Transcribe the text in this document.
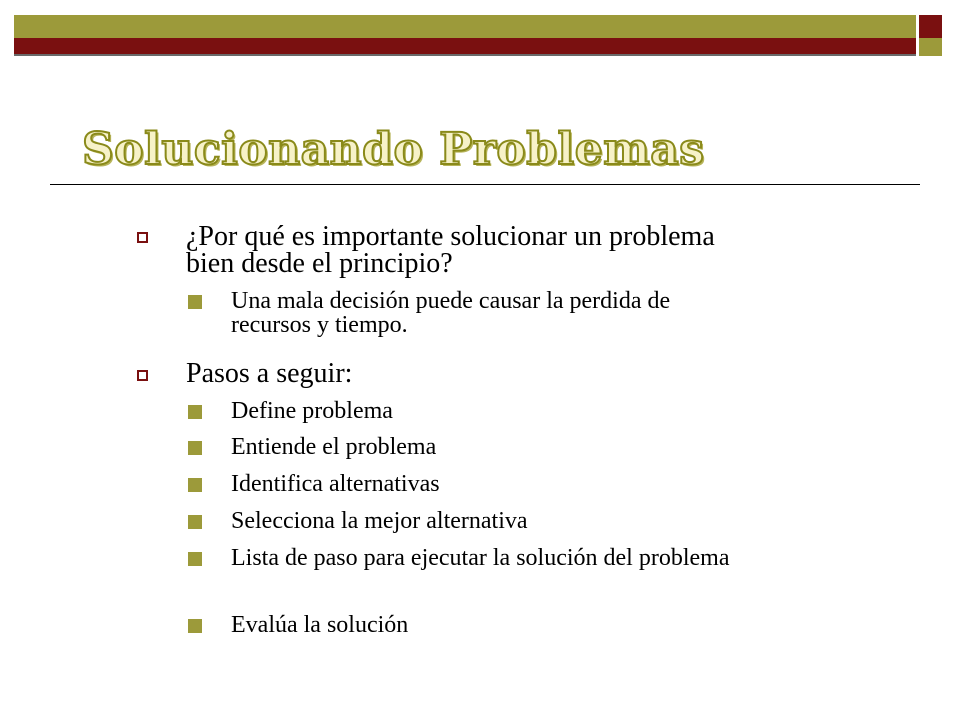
Solucionando Problemas
¿Por qué es importante solucionar un problema bien desde el principio?
Una mala decisión puede causar la perdida de recursos y tiempo.
Pasos a seguir:
Define problema
Entiende el problema
Identifica alternativas
Selecciona la mejor alternativa
Lista de paso para ejecutar la solución del problema
Evalúa la solución
